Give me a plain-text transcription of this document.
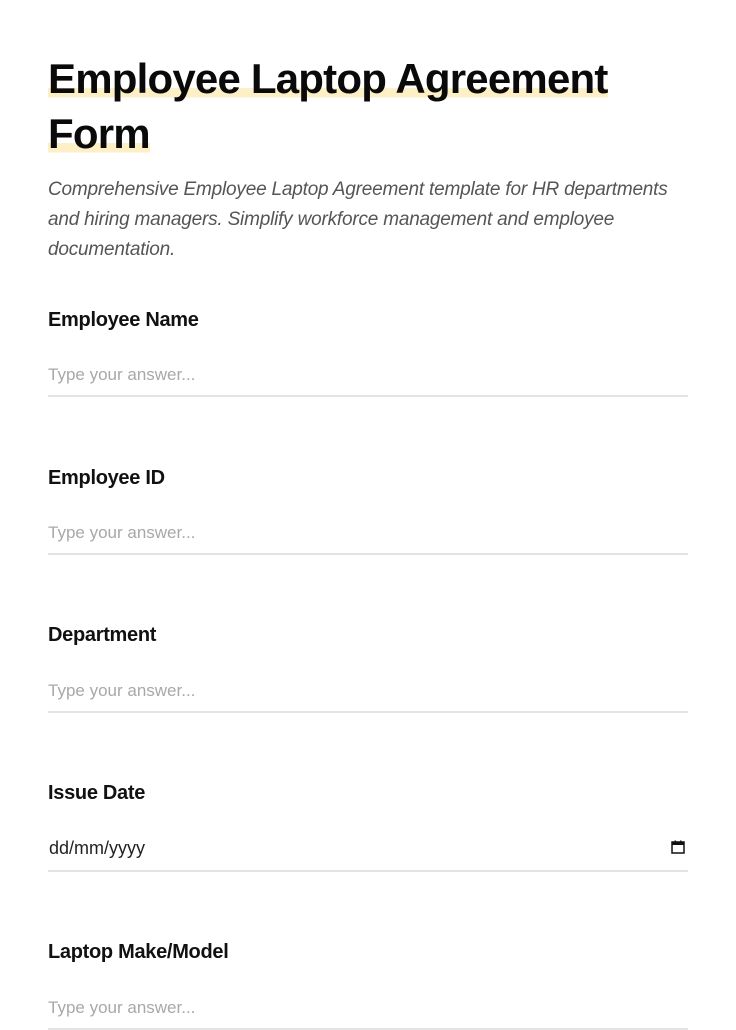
Employee Laptop Agreement
Form

Comprehensive Employee Laptop Agreement template for HR departments and hiring managers. Simplify workforce management and employee documentation.

Employee Name
Type your answer...
Employee ID
Type your answer...
Department
Type your answer...
Issue Date
dd/mm/yyyy
Laptop Make/Model
Type your answer...
